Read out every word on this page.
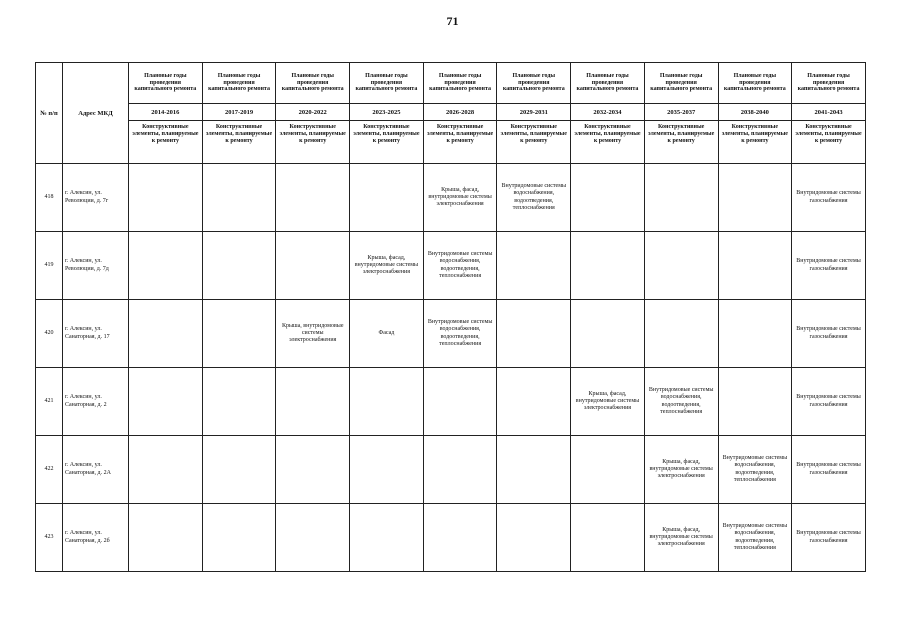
71
№ п/п	Адрес МКД	Плановые годы проведения капитального ремонта	Плановые годы проведения капитального ремонта	Плановые годы проведения капитального ремонта	Плановые годы проведения капитального ремонта	Плановые годы проведения капитального ремонта	Плановые годы проведения капитального ремонта	Плановые годы проведения капитального ремонта	Плановые годы проведения капитального ремонта	Плановые годы проведения капитального ремонта	Плановые годы проведения капитального ремонта
		2014-2016	2017-2019	2020-2022	2023-2025	2026-2028	2029-2031	2032-2034	2035-2037	2038-2040	2041-2043
		Конструктивные элементы, планируемые к ремонту	Конструктивные элементы, планируемые к ремонту	Конструктивные элементы, планируемые к ремонту	Конструктивные элементы, планируемые к ремонту	Конструктивные элементы, планируемые к ремонту	Конструктивные элементы, планируемые к ремонту	Конструктивные элементы, планируемые к ремонту	Конструктивные элементы, планируемые к ремонту	Конструктивные элементы, планируемые к ремонту	Конструктивные элементы, планируемые к ремонту
418	г. Алексин, ул. Революции, д. 7г					Крыша, фасад, внутридомовые системы электроснабжения	Внутридомовые системы водоснабжения, водоотведения, теплоснабжения				Внутридомовые системы газоснабжения
419	г. Алексин, ул. Революции, д. 7д				Крыша, фасад, внутридомовые системы электроснабжения	Внутридомовые системы водоснабжения, водоотведения, теплоснабжения					Внутридомовые системы газоснабжения
420	г. Алексин, ул. Санаторная, д. 17			Крыша, внутридомовые системы электроснабжения	Фасад	Внутридомовые системы водоснабжения, водоотведения, теплоснабжения					Внутридомовые системы газоснабжения
421	г. Алексин, ул. Санаторная, д. 2							Крыша, фасад, внутридомовые системы электроснабжения	Внутридомовые системы водоснабжения, водоотведения, теплоснабжения		Внутридомовые системы газоснабжения
422	г. Алексин, ул. Санаторная, д. 2А								Крыша, фасад, внутридомовые системы электроснабжения	Внутридомовые системы водоснабжения, водоотведения, теплоснабжения	Внутридомовые системы газоснабжения
423	г. Алексин, ул. Санаторная, д. 2б								Крыша, фасад, внутридомовые системы электроснабжения	Внутридомовые системы водоснабжения, водоотведения, теплоснабжения	Внутридомовые системы газоснабжения
